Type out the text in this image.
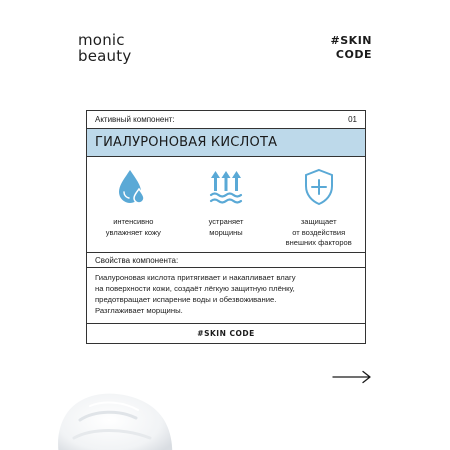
monic
beauty
#SKIN
CODE
Активный компонент:	01
ГИАЛУРОНОВАЯ КИСЛОТА
интенсивно
увлажняет кожу
устраняет
морщины
защищает
от воздействия
внешних факторов
Свойства компонента:
Гиалуроновая кислота притягивает и накапливает влагу
на поверхности кожи, создаёт лёгкую защитную плёнку,
предотвращает испарение воды и обезвоживание.
Разглаживает морщины.
#SKIN CODE
